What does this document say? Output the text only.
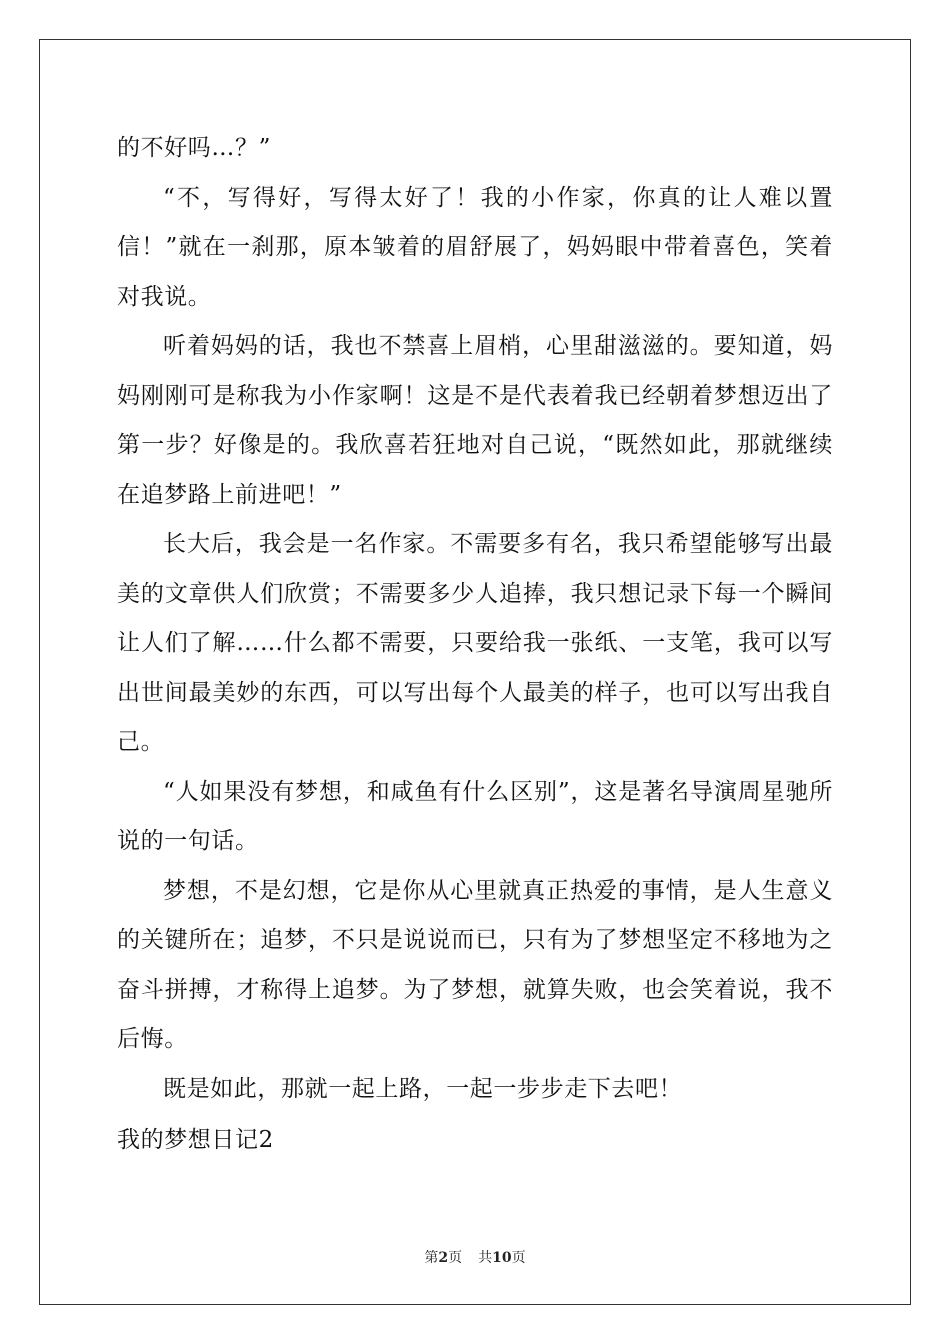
的不好吗…？”

“不，写得好，写得太好了！我的小作家，你真的让人难以置信！”就在一刹那，原本皱着的眉舒展了，妈妈眼中带着喜色，笑着对我说。

听着妈妈的话，我也不禁喜上眉梢，心里甜滋滋的。要知道，妈妈刚刚可是称我为小作家啊！这是不是代表着我已经朝着梦想迈出了第一步？好像是的。我欣喜若狂地对自己说，“既然如此，那就继续在追梦路上前进吧！”

长大后，我会是一名作家。不需要多有名，我只希望能够写出最美的文章供人们欣赏；不需要多少人追捧，我只想记录下每一个瞬间让人们了解……什么都不需要，只要给我一张纸、一支笔，我可以写出世间最美妙的东西，可以写出每个人最美的样子，也可以写出我自己。

“人如果没有梦想，和咸鱼有什么区别”，这是著名导演周星驰所说的一句话。

梦想，不是幻想，它是你从心里就真正热爱的事情，是人生意义的关键所在；追梦，不只是说说而已，只有为了梦想坚定不移地为之奋斗拼搏，才称得上追梦。为了梦想，就算失败，也会笑着说，我不后悔。

既是如此，那就一起上路，一起一步步走下去吧！

我的梦想日记2

第2页 共10页
